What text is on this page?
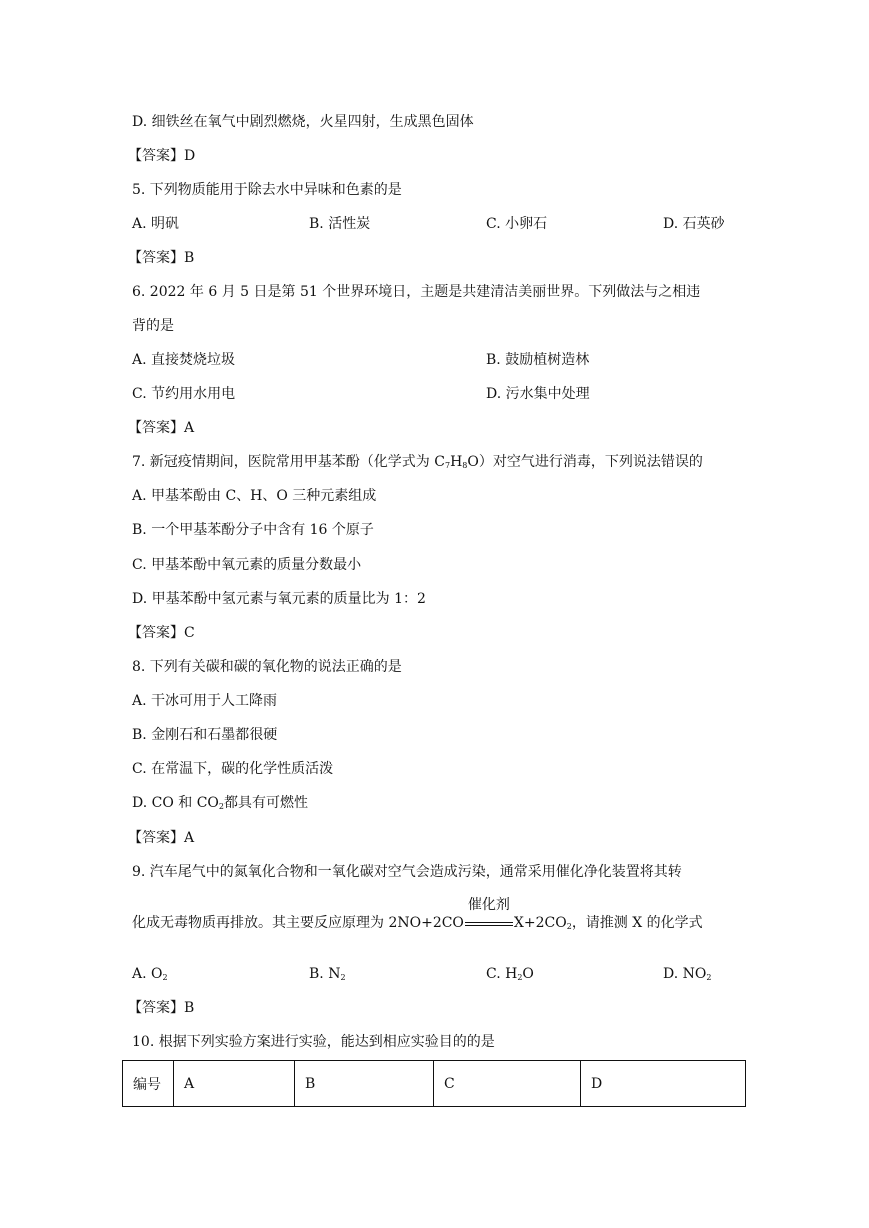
D. 细铁丝在氧气中剧烈燃烧，火星四射，生成黑色固体
【答案】D
5. 下列物质能用于除去水中异味和色素的是
A. 明矾	B. 活性炭	C. 小卵石	D. 石英砂
【答案】B
6. 2022 年 6 月 5 日是第 51 个世界环境日，主题是共建清洁美丽世界。下列做法与之相违
背的是
A. 直接焚烧垃圾	B. 鼓励植树造林
C. 节约用水用电	D. 污水集中处理
【答案】A
7. 新冠疫情期间，医院常用甲基苯酚（化学式为 $C_7H_8O$）对空气进行消毒，下列说法错误的
A. 甲基苯酚由 C、H、O 三种元素组成
B. 一个甲基苯酚分子中含有 16 个原子
C. 甲基苯酚中氧元素的质量分数最小
D. 甲基苯酚中氢元素与氧元素的质量比为 1：2
【答案】C
8. 下列有关碳和碳的氧化物的说法正确的是
A. 干冰可用于人工降雨
B. 金刚石和石墨都很硬
C. 在常温下，碳的化学性质活泼
D. CO 和 $CO_2$都具有可燃性
【答案】A
9. 汽车尾气中的氮氧化合物和一氧化碳对空气会造成污染，通常采用催化净化装置将其转
化成无毒物质再排放。其主要反应原理为 2NO+2CO
催化剂
$X+2CO_2$，请推测 X 的化学式
A. $O_2$	B. $N_2$	C. $H_2O$	D. $NO_2$
【答案】B
10. 根据下列实验方案进行实验，能达到相应实验目的的是
编号	A	B	C	D
